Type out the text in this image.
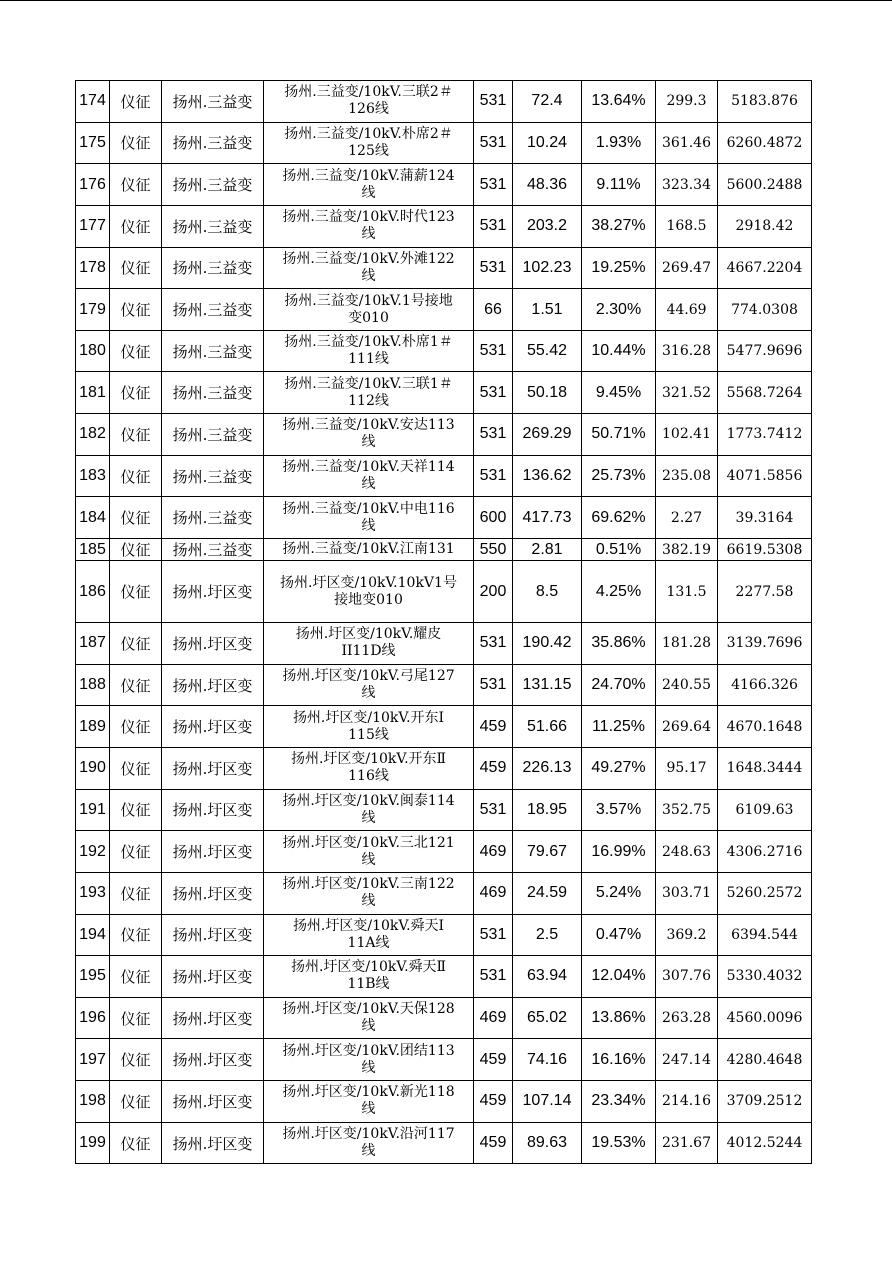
174	仪征	扬州.三益变	扬州.三益变/10kV.三联2＃
126线	531	72.4	13.64%	299.3	5183.876
175	仪征	扬州.三益变	扬州.三益变/10kV.朴席2＃
125线	531	10.24	1.93%	361.46	6260.4872
176	仪征	扬州.三益变	扬州.三益变/10kV.蒲薪124
线	531	48.36	9.11%	323.34	5600.2488
177	仪征	扬州.三益变	扬州.三益变/10kV.时代123
线	531	203.2	38.27%	168.5	2918.42
178	仪征	扬州.三益变	扬州.三益变/10kV.外滩122
线	531	102.23	19.25%	269.47	4667.2204
179	仪征	扬州.三益变	扬州.三益变/10kV.1号接地
变010	66	1.51	2.30%	44.69	774.0308
180	仪征	扬州.三益变	扬州.三益变/10kV.朴席1＃
111线	531	55.42	10.44%	316.28	5477.9696
181	仪征	扬州.三益变	扬州.三益变/10kV.三联1＃
112线	531	50.18	9.45%	321.52	5568.7264
182	仪征	扬州.三益变	扬州.三益变/10kV.安达113
线	531	269.29	50.71%	102.41	1773.7412
183	仪征	扬州.三益变	扬州.三益变/10kV.天祥114
线	531	136.62	25.73%	235.08	4071.5856
184	仪征	扬州.三益变	扬州.三益变/10kV.中电116
线	600	417.73	69.62%	2.27	39.3164
185	仪征	扬州.三益变	扬州.三益变/10kV.江南131	550	2.81	0.51%	382.19	6619.5308
186	仪征	扬州.圩区变	扬州.圩区变/10kV.10kV1号
接地变010	200	8.5	4.25%	131.5	2277.58
187	仪征	扬州.圩区变	扬州.圩区变/10kV.耀皮
II11D线	531	190.42	35.86%	181.28	3139.7696
188	仪征	扬州.圩区变	扬州.圩区变/10kV.弓尾127
线	531	131.15	24.70%	240.55	4166.326
189	仪征	扬州.圩区变	扬州.圩区变/10kV.开东Ⅰ
115线	459	51.66	11.25%	269.64	4670.1648
190	仪征	扬州.圩区变	扬州.圩区变/10kV.开东Ⅱ
116线	459	226.13	49.27%	95.17	1648.3444
191	仪征	扬州.圩区变	扬州.圩区变/10kV.闽泰114
线	531	18.95	3.57%	352.75	6109.63
192	仪征	扬州.圩区变	扬州.圩区变/10kV.三北121
线	469	79.67	16.99%	248.63	4306.2716
193	仪征	扬州.圩区变	扬州.圩区变/10kV.三南122
线	469	24.59	5.24%	303.71	5260.2572
194	仪征	扬州.圩区变	扬州.圩区变/10kV.舜天Ⅰ
11A线	531	2.5	0.47%	369.2	6394.544
195	仪征	扬州.圩区变	扬州.圩区变/10kV.舜天Ⅱ
11B线	531	63.94	12.04%	307.76	5330.4032
196	仪征	扬州.圩区变	扬州.圩区变/10kV.天保128
线	469	65.02	13.86%	263.28	4560.0096
197	仪征	扬州.圩区变	扬州.圩区变/10kV.团结113
线	459	74.16	16.16%	247.14	4280.4648
198	仪征	扬州.圩区变	扬州.圩区变/10kV.新光118
线	459	107.14	23.34%	214.16	3709.2512
199	仪征	扬州.圩区变	扬州.圩区变/10kV.沿河117
线	459	89.63	19.53%	231.67	4012.5244
